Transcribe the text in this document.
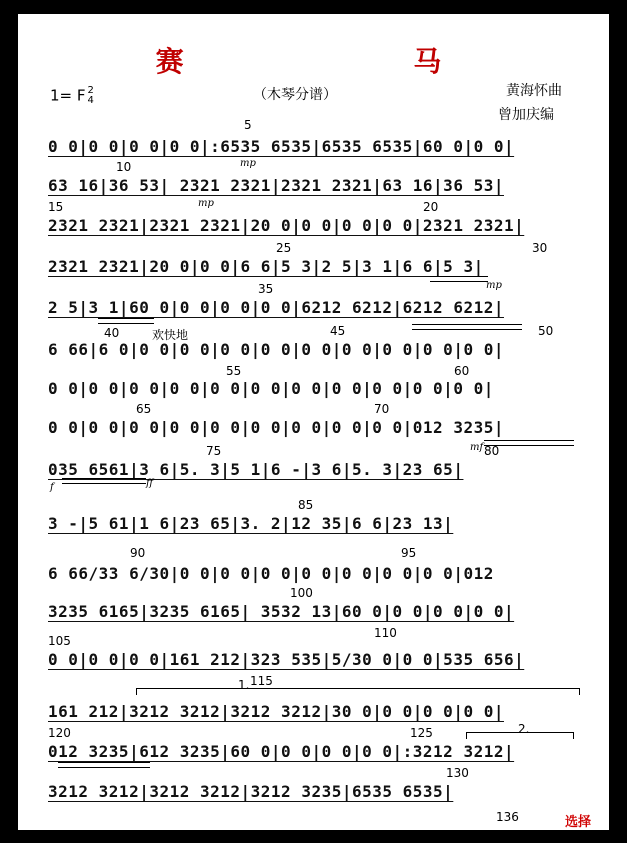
赛 马
1= F 2
4	（木琴分谱）	黄海怀曲
曾加庆编
0 0|0 0|0 0|0 0|:6535 6535|6535 6535|60 0|0 0|
63 16|36 53| 2321 2321|2321 2321|63 16|36 53|
2321 2321|2321 2321|20 0|0 0|0 0|0 0|2321 2321|
2321 2321|20 0|0 0|6 6|5 3|2 5|3 1|6 6|5 3|
2 5|3 1|60 0|0 0|0 0|0 0|6212 6212|6212 6212|
6 66|6 0|0 0|0 0|0 0|0 0|0 0|0 0|0 0|0 0|0 0|
0 0|0 0|0 0|0 0|0 0|0 0|0 0|0 0|0 0|0 0|0 0|
0 0|0 0|0 0|0 0|0 0|0 0|0 0|0 0|0 0|012 3235|
035 6561|3 6|5. 3|5 1|6 -|3 6|5. 3|23 65|
3 -|5 61|1 6|23 65|3. 2|12 35|6 6|23 13|
6 66/33 6/30|0 0|0 0|0 0|0 0|0 0|0 0|0 0|012
3235 6165|3235 6165| 3532 13|60 0|0 0|0 0|0 0|
0 0|0 0|0 0|161 212|323 535|5/30 0|0 0|535 656|
161 212|3212 3212|3212 3212|30 0|0 0|0 0|0 0|
012 3235|612 3235|60 0|0 0|0 0|0 0|:3212 3212|
3212 3212|3212 3212|3212 3235|6535 6535|
5
10
15	20
25	30
35
40	45	50
55	60
65	70
75	80
85
90	95
100
105
110
115
120	125
130
136
mp
mp
mp
mf
f	ff
欢快地
1.
2.
选择
